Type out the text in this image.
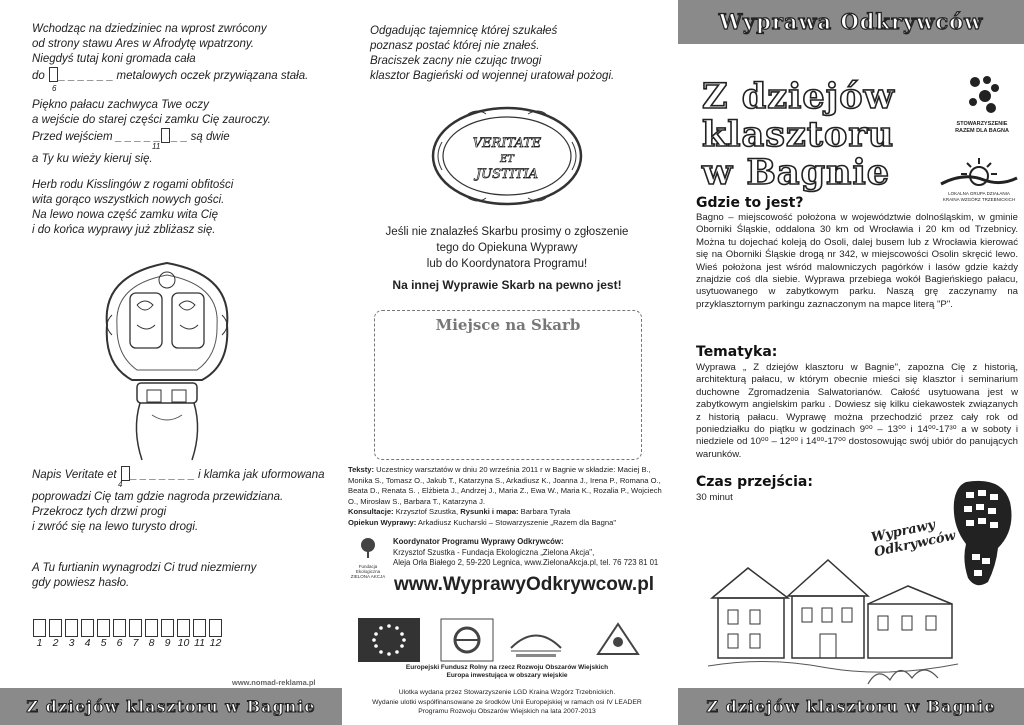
Wchodząc na dziedziniec na wprost zwrócony
od strony stawu Ares w Afrodytę wpatrzony.
Niegdyś tutaj koni gromada cała
do _ _ _ _ _ _ metalowych oczek przywiązana stała.
6
Piękno pałacu zachwyca Twe oczy
a wejście do starej części zamku Cię zauroczy.
Przed wejściem _ _ _ _ _ _ _ są dwie
11
a Ty ku wieży kieruj się.
Herb rodu Kisslingów z rogami obfitości
wita gorąco wszystkich nowych gości.
Na lewo nowa część zamku wita Cię
i do końca wyprawy już zbliżasz się.
Napis Veritate et _ _ _ _ _ _ _ i klamka jak uformowana
4
poprowadzi Cię tam gdzie nagroda przewidziana.
Przekrocz tych drzwi progi
i zwróć się na lewo turysto drogi.
A Tu furtianin wynagrodzi Ci trud niezmierny
gdy powiesz hasło.
1 2 3 4 5 6 7 8 9 10 11 12
www.nomad-reklama.pl
Z dziejów klasztoru w Bagnie
Odgadując tajemnicę której szukałeś
poznasz postać której nie znałeś.
Braciszek zacny nie czując trwogi
klasztor Bagieński od wojennej uratował pożogi.
VERITATE
ET
JUSTITIA
Jeśli nie znalazłeś Skarbu prosimy o zgłoszenie
tego do Opiekuna Wyprawy
lub do Koordynatora Programu!
Na innej Wyprawie Skarb na pewno jest!
Miejsce na Skarb
Teksty: Uczestnicy warsztatów w dniu 20 września 2011 r w Bagnie w składzie: Maciej B., Monika S., Tomasz O., Jakub T., Katarzyna S., Arkadiusz K., Joanna J., Irena P., Romana O., Beata D., Renata S. , Elżbieta J., Andrzej J., Maria Z., Ewa W., Maria K., Rozalia P., Wojciech O., Mirosław S., Barbara T., Katarzyna J.
Konsultacje: Krzysztof Szustka, Rysunki i mapa: Barbara Tyrała
Opiekun Wyprawy: Arkadiusz Kucharski – Stowarzyszenie „Razem dla Bagna"
Fundacja Ekologiczna
ZIELONA AKCJA
Koordynator Programu Wyprawy Odkrywców:
Krzysztof Szustka - Fundacja Ekologiczna „Zielona Akcja",
Aleja Orła Białego 2, 59-220 Legnica, www.ZielonaAkcja.pl, tel. 76 723 81 01
www.WyprawyOdkrywcow.pl
Europejski Fundusz Rolny na rzecz Rozwoju Obszarów Wiejskich
Europa inwestująca w obszary wiejskie
Ulotka wydana przez Stowarzyszenie LGD Kraina Wzgórz Trzebnickich.
Wydanie ulotki współfinansowane ze środków Unii Europejskiej w ramach osi IV LEADER
Programu Rozwoju Obszarów Wiejskich na lata 2007-2013
Wyprawa Odkrywców
Z dziejów
klasztoru
w Bagnie
STOWARZYSZENIE
RAZEM DLA BAGNA
LOKALNA GRUPA DZIAŁANIA
KRAINA WZGÓRZ TRZEBNICKICH
Gdzie to jest?
Bagno – miejscowość położona w województwie dolnośląskim, w gminie Oborniki Śląskie, oddalona 30 km od Wrocławia i 20 km od Trzebnicy. Można tu dojechać koleją do Osoli, dalej busem lub z Wrocławia kierować się na Oborniki Śląskie drogą nr 342, w miejscowości Osolin skręcić lewo. Wieś położona jest wśród malowniczych pagórków i lasów gdzie każdy znajdzie coś dla siebie. Wyprawa przebiega wokół Bagieńskiego pałacu, usytuowanego w zabytkowym parku. Naszą grę zaczynamy na przyklasztornym parkingu zaznaczonym na mapce literą "P".
Tematyka:
Wyprawa „ Z dziejów klasztoru w Bagnie", zapozna Cię z historią, architekturą pałacu, w którym obecnie mieści się klasztor i seminarium duchowne Zgromadzenia Salwatorianów. Całość usytuowana jest w zabytkowym angielskim parku . Dowiesz się kilku ciekawostek związanych z historią pałacu. Wyprawę można przechodzić przez cały rok od poniedziałku do piątku w godzinach 9⁰⁰ – 13⁰⁰ i 14⁰⁰-17³⁰ a w soboty i niedziele od 10⁰⁰ – 12⁰⁰ i 14⁰⁰-17⁰⁰ dostosowując swój ubiór do panujących warunków.
Czas przejścia:
30 minut
Wyprawy
Odkrywców
Z dziejów klasztoru w Bagnie
